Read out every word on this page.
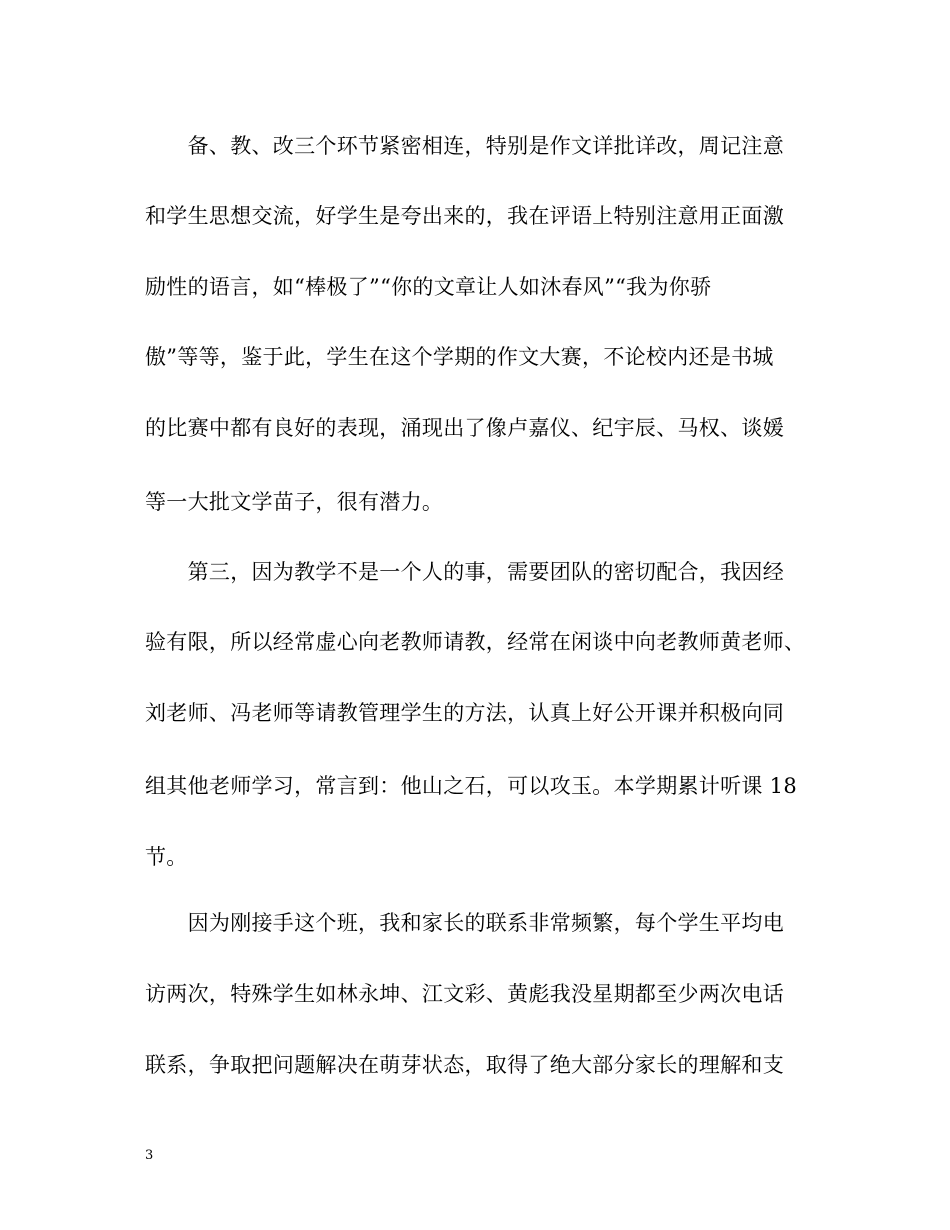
　　备、教、改三个环节紧密相连，特别是作文详批详改，周记注意
和学生思想交流，好学生是夸出来的，我在评语上特别注意用正面激
励性的语言，如“棒极了”“你的文章让人如沐春风”“我为你骄
傲”等等，鉴于此，学生在这个学期的作文大赛，不论校内还是书城
的比赛中都有良好的表现，涌现出了像卢嘉仪、纪宇辰、马权、谈媛
等一大批文学苗子，很有潜力。
　　第三，因为教学不是一个人的事，需要团队的密切配合，我因经
验有限，所以经常虚心向老教师请教，经常在闲谈中向老教师黄老师、
刘老师、冯老师等请教管理学生的方法，认真上好公开课并积极向同
组其他老师学习，常言到：他山之石，可以攻玉。本学期累计听课 18
节。
　　因为刚接手这个班，我和家长的联系非常频繁，每个学生平均电
访两次，特殊学生如林永坤、江文彩、黄彪我没星期都至少两次电话
联系，争取把问题解决在萌芽状态，取得了绝大部分家长的理解和支
3
